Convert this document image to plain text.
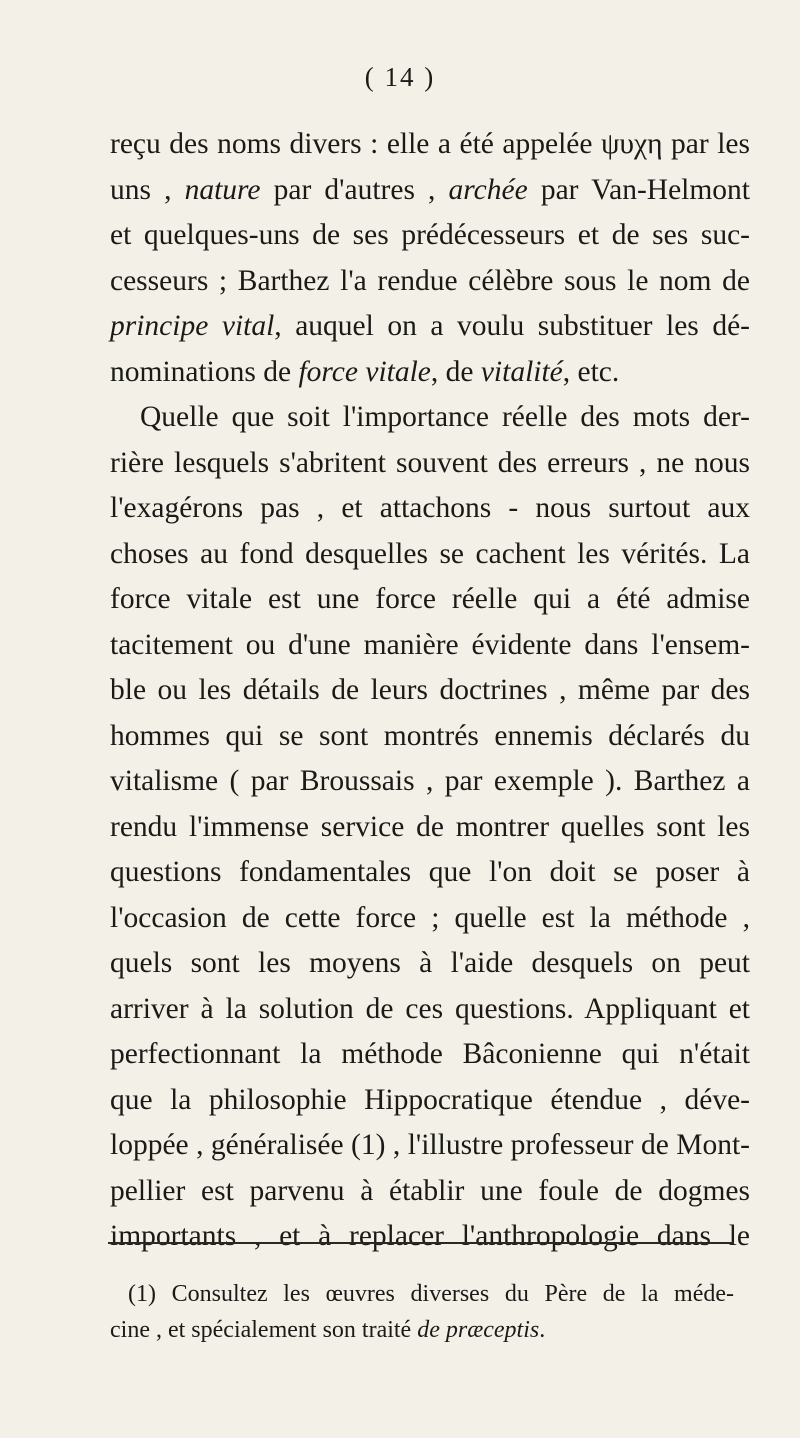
( 14 )
reçu des noms divers : elle a été appelée ψυχη par les
uns , nature par d'autres , archée par Van-Helmont
et quelques-uns de ses prédécesseurs et de ses suc-
cesseurs ; Barthez l'a rendue célèbre sous le nom de
principe vital, auquel on a voulu substituer les dé-
nominations de force vitale, de vitalité, etc.
Quelle que soit l'importance réelle des mots der-
rière lesquels s'abritent souvent des erreurs , ne nous
l'exagérons pas , et attachons - nous surtout aux
choses au fond desquelles se cachent les vérités. La
force vitale est une force réelle qui a été admise
tacitement ou d'une manière évidente dans l'ensem-
ble ou les détails de leurs doctrines , même par des
hommes qui se sont montrés ennemis déclarés du
vitalisme ( par Broussais , par exemple ). Barthez a
rendu l'immense service de montrer quelles sont les
questions fondamentales que l'on doit se poser à
l'occasion de cette force ; quelle est la méthode ,
quels sont les moyens à l'aide desquels on peut
arriver à la solution de ces questions. Appliquant et
perfectionnant la méthode Bâconienne qui n'était
que la philosophie Hippocratique étendue , déve-
loppée , généralisée (1) , l'illustre professeur de Mont-
pellier est parvenu à établir une foule de dogmes
importants , et à replacer l'anthropologie dans le
(1) Consultez les œuvres diverses du Père de la méde-
cine , et spécialement son traité de præceptis.
